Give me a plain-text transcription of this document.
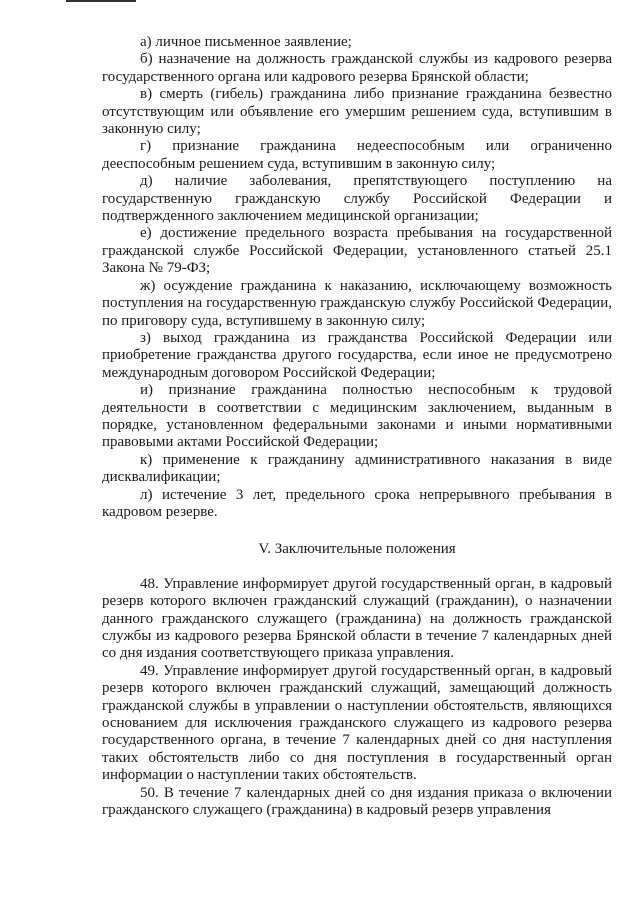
а) личное письменное заявление;

б) назначение на должность гражданской службы из кадрового резерва государственного органа или кадрового резерва Брянской области;

в) смерть (гибель) гражданина либо признание гражданина безвестно отсутствующим или объявление его умершим решением суда, вступившим в законную силу;

г) признание гражданина недееспособным или ограниченно дееспособным решением суда, вступившим в законную силу;

д) наличие заболевания, препятствующего поступлению на государственную гражданскую службу Российской Федерации и подтвержденного заключением медицинской организации;

е) достижение предельного возраста пребывания на государственной гражданской службе Российской Федерации, установленного статьей 25.1 Закона № 79-ФЗ;

ж) осуждение гражданина к наказанию, исключающему возможность поступления на государственную гражданскую службу Российской Федерации, по приговору суда, вступившему в законную силу;

з) выход гражданина из гражданства Российской Федерации или приобретение гражданства другого государства, если иное не предусмотрено международным договором Российской Федерации;

и) признание гражданина полностью неспособным к трудовой деятельности в соответствии с медицинским заключением, выданным в порядке, установленном федеральными законами и иными нормативными правовыми актами Российской Федерации;

к) применение к гражданину административного наказания в виде дисквалификации;

л) истечение 3 лет, предельного срока непрерывного пребывания в кадровом резерве.

V. Заключительные положения

48. Управление информирует другой государственный орган, в кадровый резерв которого включен гражданский служащий (гражданин), о назначении данного гражданского служащего (гражданина) на должность гражданской службы из кадрового резерва Брянской области в течение 7 календарных дней со дня издания соответствующего приказа управления.

49. Управление информирует другой государственный орган, в кадровый резерв которого включен гражданский служащий, замещающий должность гражданской службы в управлении о наступлении обстоятельств, являющихся основанием для исключения гражданского служащего из кадрового резерва государственного органа, в течение 7 календарных дней со дня наступления таких обстоятельств либо со дня поступления в государственный орган информации о наступлении таких обстоятельств.

50. В течение 7 календарных дней со дня издания приказа о включении гражданского служащего (гражданина) в кадровый резерв управления
